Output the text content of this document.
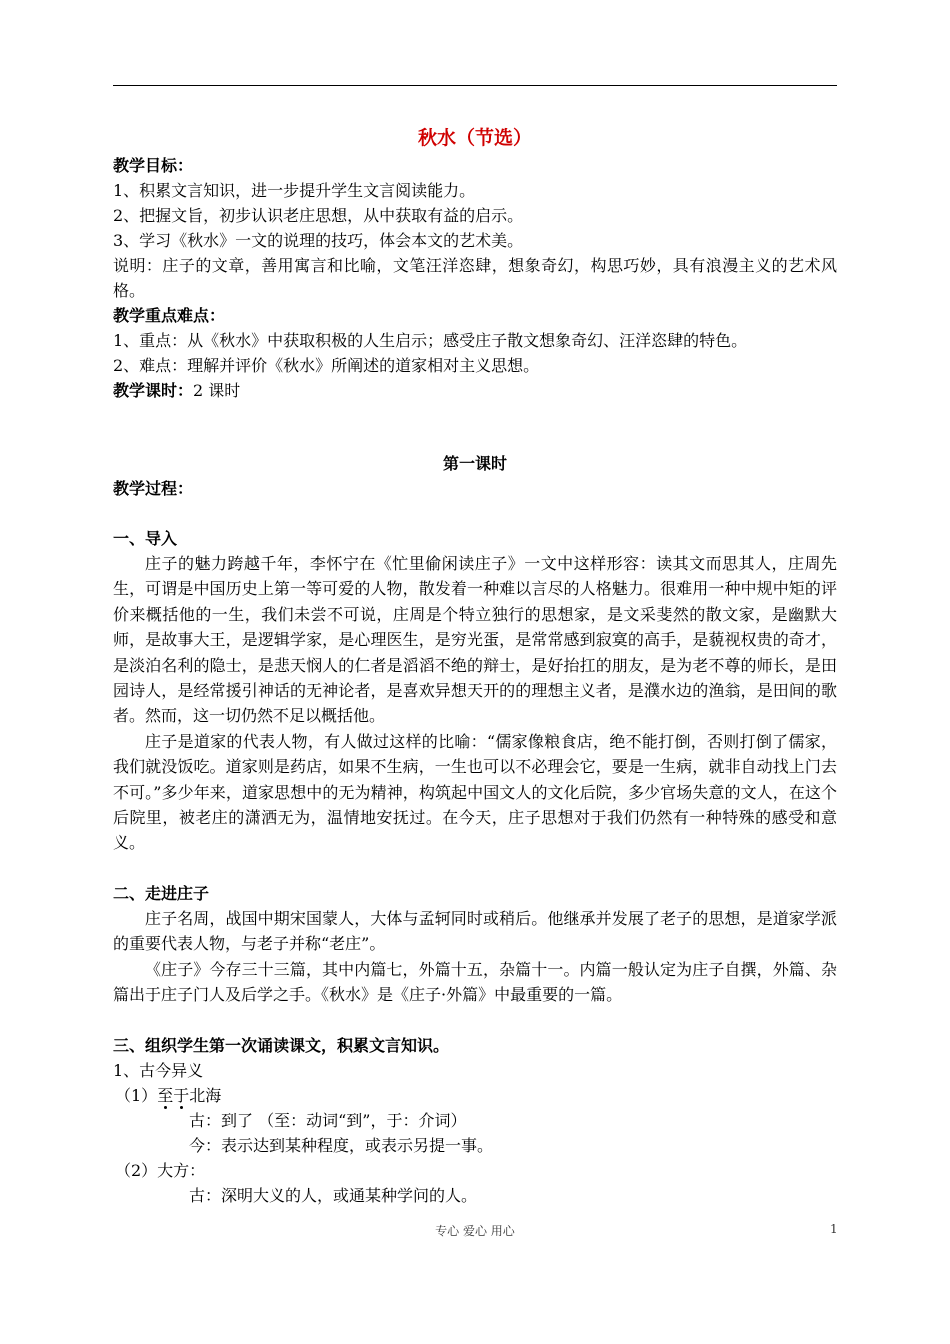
秋水（节选）
教学目标：
1、积累文言知识，进一步提升学生文言阅读能力。
2、把握文旨，初步认识老庄思想，从中获取有益的启示。
3、学习《秋水》一文的说理的技巧，体会本文的艺术美。
说明：庄子的文章，善用寓言和比喻，文笔汪洋恣肆，想象奇幻，构思巧妙，具有浪漫主义的艺术风格。
教学重点难点：
1、重点：从《秋水》中获取积极的人生启示；感受庄子散文想象奇幻、汪洋恣肆的特色。
2、难点：理解并评价《秋水》所阐述的道家相对主义思想。
教学课时：2 课时
第一课时
教学过程：
一、导入

庄子的魅力跨越千年，李怀宁在《忙里偷闲读庄子》一文中这样形容：读其文而思其人，庄周先生，可谓是中国历史上第一等可爱的人物，散发着一种难以言尽的人格魅力。很难用一种中规中矩的评价来概括他的一生，我们未尝不可说，庄周是个特立独行的思想家，是文采斐然的散文家，是幽默大师，是故事大王，是逻辑学家，是心理医生，是穷光蛋，是常常感到寂寞的高手，是藐视权贵的奇才，是淡泊名利的隐士，是悲天悯人的仁者是滔滔不绝的辩士，是好抬扛的朋友，是为老不尊的师长，是田园诗人，是经常援引神话的无神论者，是喜欢异想天开的的理想主义者，是濮水边的渔翁，是田间的歌者。然而，这一切仍然不足以概括他。

庄子是道家的代表人物，有人做过这样的比喻：“儒家像粮食店，绝不能打倒，否则打倒了儒家，我们就没饭吃。道家则是药店，如果不生病，一生也可以不必理会它，要是一生病，就非自动找上门去不可。”多少年来，道家思想中的无为精神，构筑起中国文人的文化后院，多少官场失意的文人，在这个后院里，被老庄的潇洒无为，温情地安抚过。在今天，庄子思想对于我们仍然有一种特殊的感受和意义。

二、走进庄子

庄子名周，战国中期宋国蒙人，大体与孟轲同时或稍后。他继承并发展了老子的思想，是道家学派的重要代表人物，与老子并称“老庄”。

《庄子》今存三十三篇，其中内篇七，外篇十五，杂篇十一。内篇一般认定为庄子自撰，外篇、杂篇出于庄子门人及后学之手。《秋水》是《庄子·外篇》中最重要的一篇。

三、组织学生第一次诵读课文，积累文言知识。
1、古今异义
（1）至于北海
古：到了 （至：动词“到”，于：介词）
今：表示达到某种程度，或表示另提一事。
（2）大方：
古：深明大义的人，或通某种学问的人。
专心 爱心 用心	1
